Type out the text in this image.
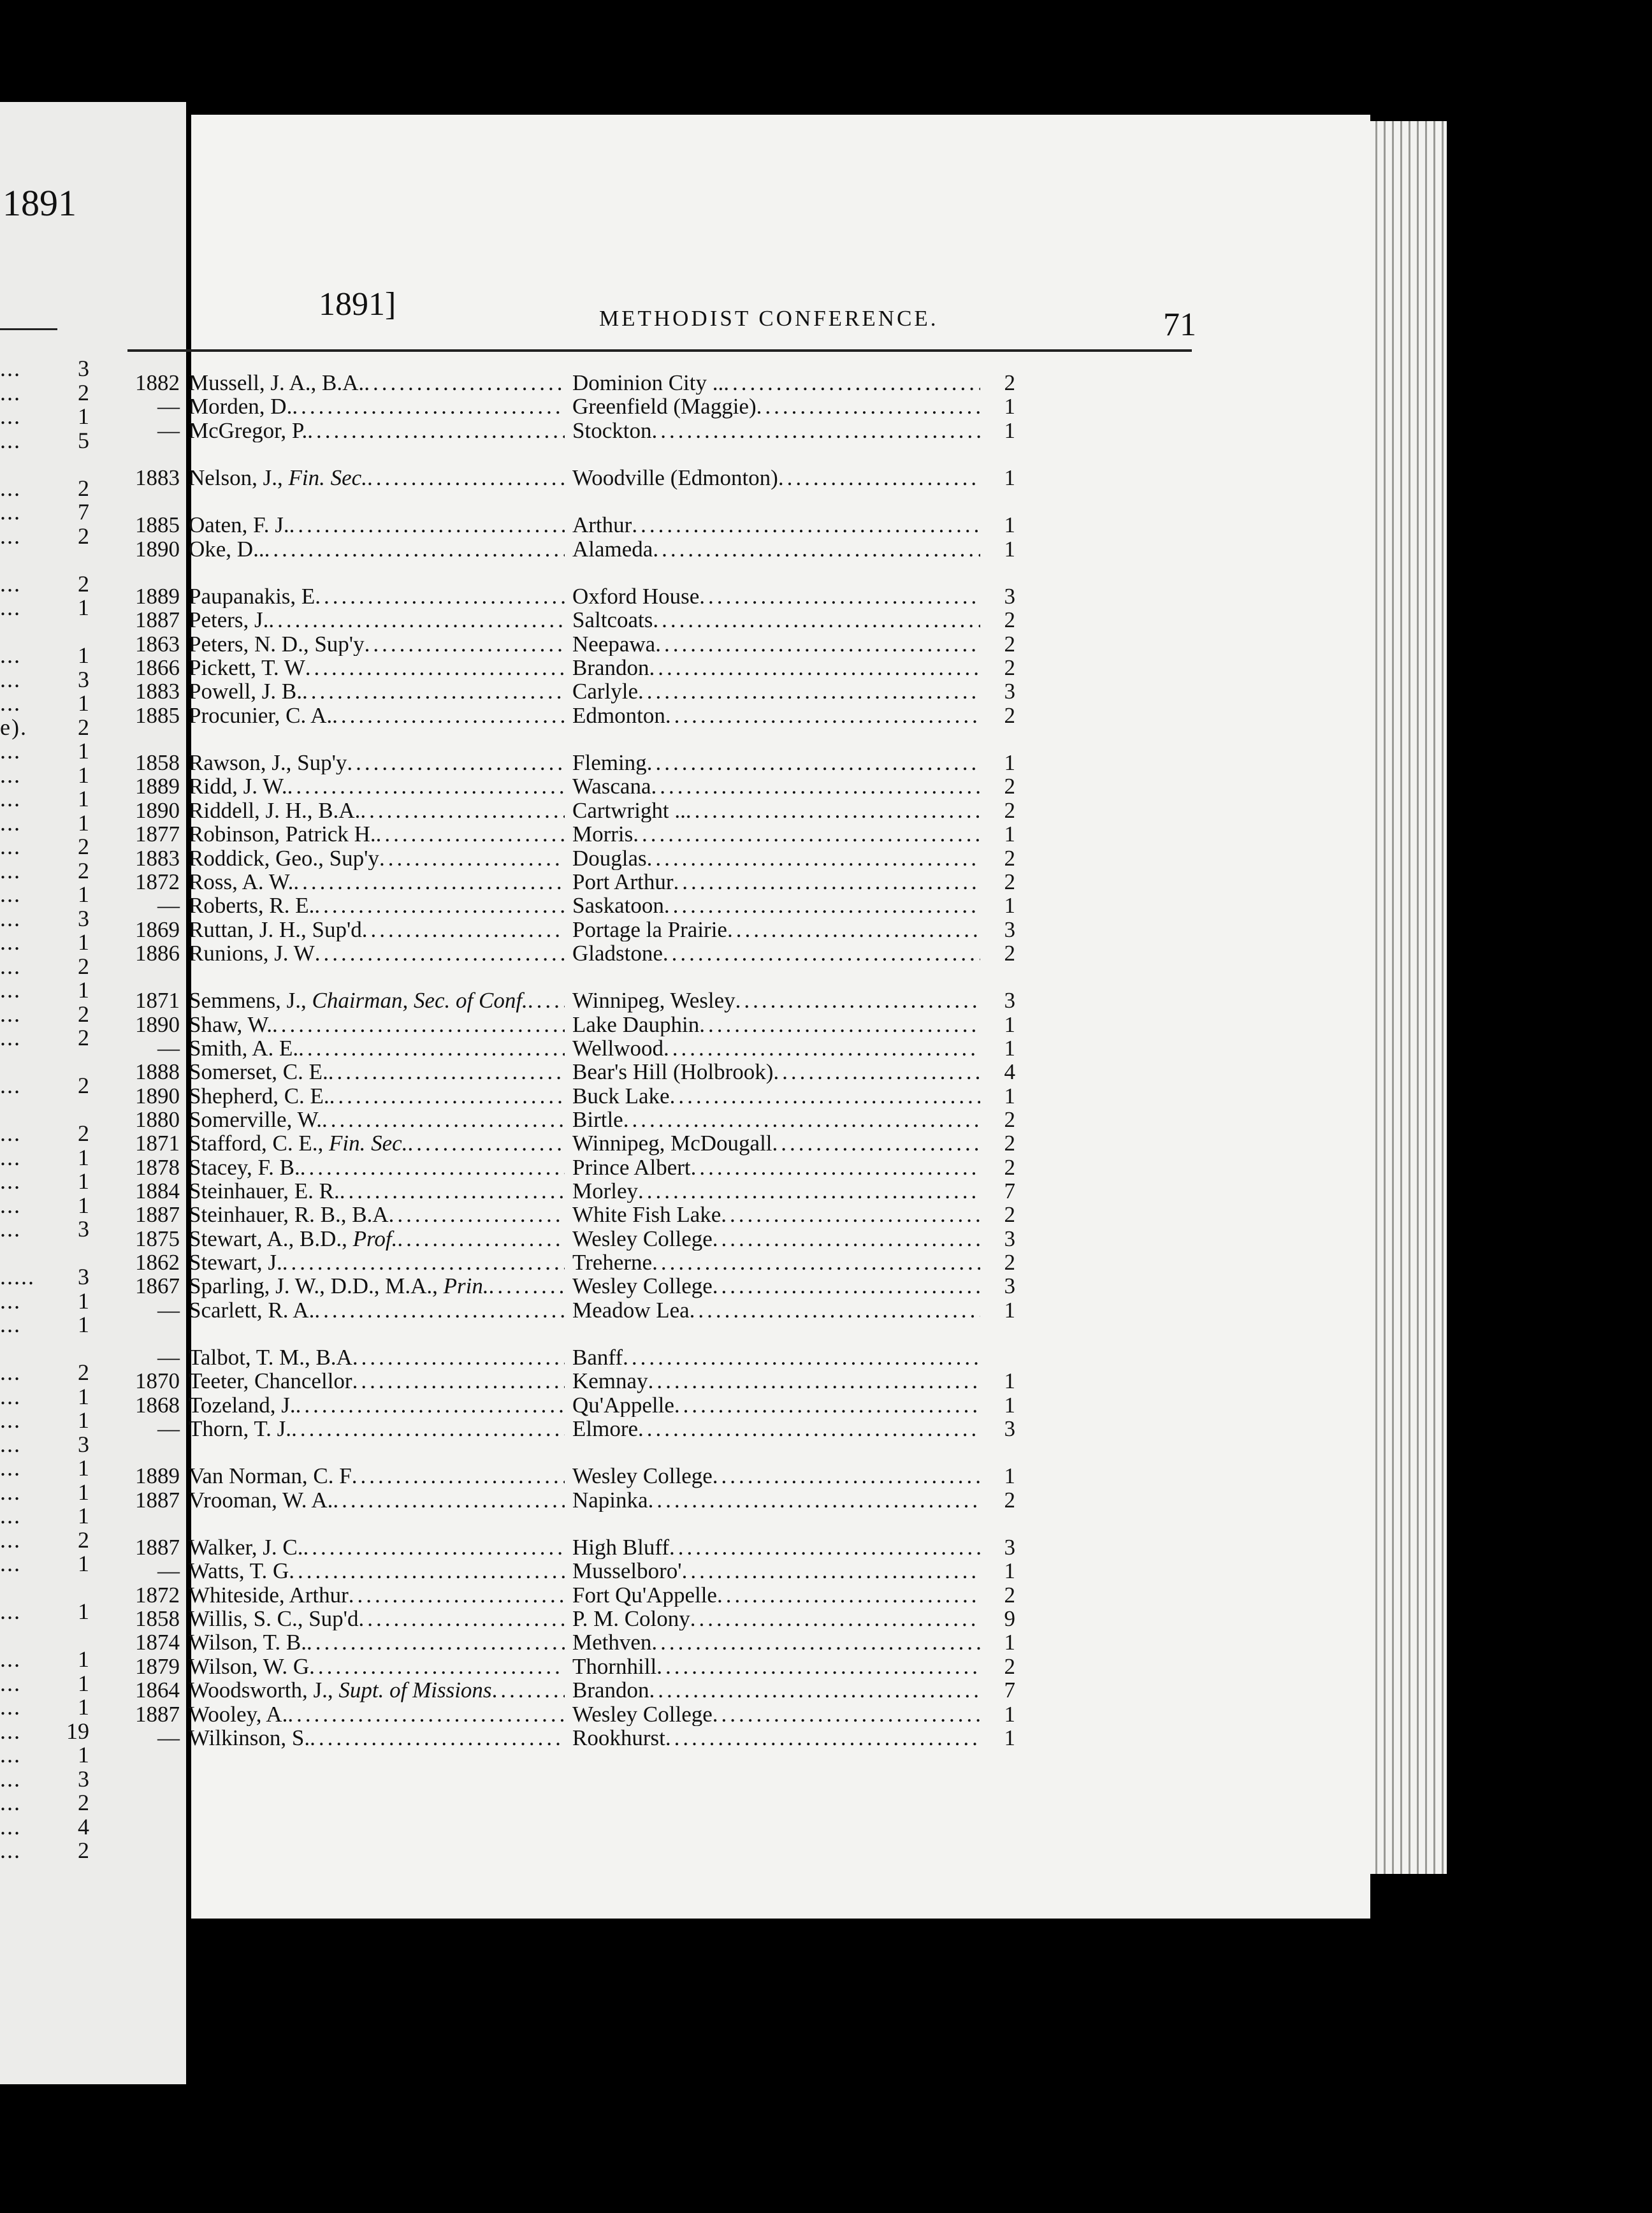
1891
...	3
...	2
...	1
...	5
...	2
...	7
...	2
...	2
...	1
...	1
...	3
...	1
e).	2
...	1
...	1
...	1
...	1
...	2
...	2
...	1
...	3
...	1
...	2
...	1
...	2
...	2
...	2
...	2
...	1
...	1
...	1
...	3
.....	3
...	1
...	1
...	2
...	1
...	1
...	3
...	1
...	1
...	1
...	2
...	1
...	1
...	1
...	1
...	1
...	19
...	1
...	3
...	2
...	4
...	2
1891]	METHODIST CONFERENCE.	71
1882 Mussell, J. A., B.A. .....	Dominion City .. .....	2
— Morden, D. .....	Greenfield (Maggie) .....	1
— McGregor, P. .....	Stockton .....	1
1883 Nelson, J., Fin. Sec. .....	Woodville (Edmonton) .....	1
1885 Oaten, F. J. .....	Arthur .....	1
1890 Oke, D.. .....	Alameda .....	1
1889 Paupanakis, E .....	Oxford House .....	3
1887 Peters, J. .....	Saltcoats .....	2
1863 Peters, N. D., Sup'y .....	Neepawa .....	2
1866 Pickett, T. W .....	Brandon .....	2
1883 Powell, J. B. .....	Carlyle .....	3
1885 Procunier, C. A. .....	Edmonton .....	2
1858 Rawson, J., Sup'y .....	Fleming .....	1
1889 Ridd, J. W. .....	Wascana .....	2
1890 Riddell, J. H., B.A. .....	Cartwright .. .....	2
1877 Robinson, Patrick H. .....	Morris .....	1
1883 Roddick, Geo., Sup'y .....	Douglas .....	2
1872 Ross, A. W. .....	Port Arthur .....	2
— Roberts, R. E. .....	Saskatoon .....	1
1869 Ruttan, J. H., Sup'd .....	Portage la Prairie .....	3
1886 Runions, J. W .....	Gladstone .....	2
1871 Semmens, J., Chairman, Sec. of Conf. ..... Winnipeg, Wesley .....	3
1890 Shaw, W. .....	Lake Dauphin .....	1
— Smith, A. E. .....	Wellwood .....	1
1888 Somerset, C. E. .....	Bear's Hill (Holbrook) .....	4
1890 Shepherd, C. E. .....	Buck Lake .....	1
1880 Somerville, W. .....	Birtle .....	2
1871 Stafford, C. E., Fin. Sec. .....	Winnipeg, McDougall .....	2
1878 Stacey, F. B. .....	Prince Albert .....	2
1884 Steinhauer, E. R. .....	Morley .....	7
1887 Steinhauer, R. B., B.A .....	White Fish Lake .....	2
1875 Stewart, A., B.D., Prof. .....	Wesley College .....	3
1862 Stewart, J. .....	Treherne .....	2
1867 Sparling, J. W., D.D., M.A., Prin. .....	Wesley College .....	3
— Scarlett, R. A. .....	Meadow Lea .....	1
— Talbot, T. M., B.A .....	Banff
.....
1870 Teeter, Chancellor .....	Kemnay .....	1
1868 Tozeland, J. .....	Qu'Appelle .....	1
— Thorn, T. J. .....	Elmore .....	3
1889 Van Norman, C. F .....	Wesley College .....	1
1887 Vrooman, W. A. .....	Napinka .....	2
1887 Walker, J. C. .....	High Bluff .....	3
— Watts, T. G .....	Musselboro' .....	1
1872 Whiteside, Arthur .....	Fort Qu'Appelle .....	2
1858 Willis, S. C., Sup'd .....	P. M. Colony .....	9
1874 Wilson, T. B. .....	Methven .....	1
1879 Wilson, W. G .....	Thornhill .....	2
1864 Woodsworth, J., Supt. of Missions .....	Brandon .....	7
1887 Wooley, A. .....	Wesley College .....	1
— Wilkinson, S. .....	Rookhurst .....	1
